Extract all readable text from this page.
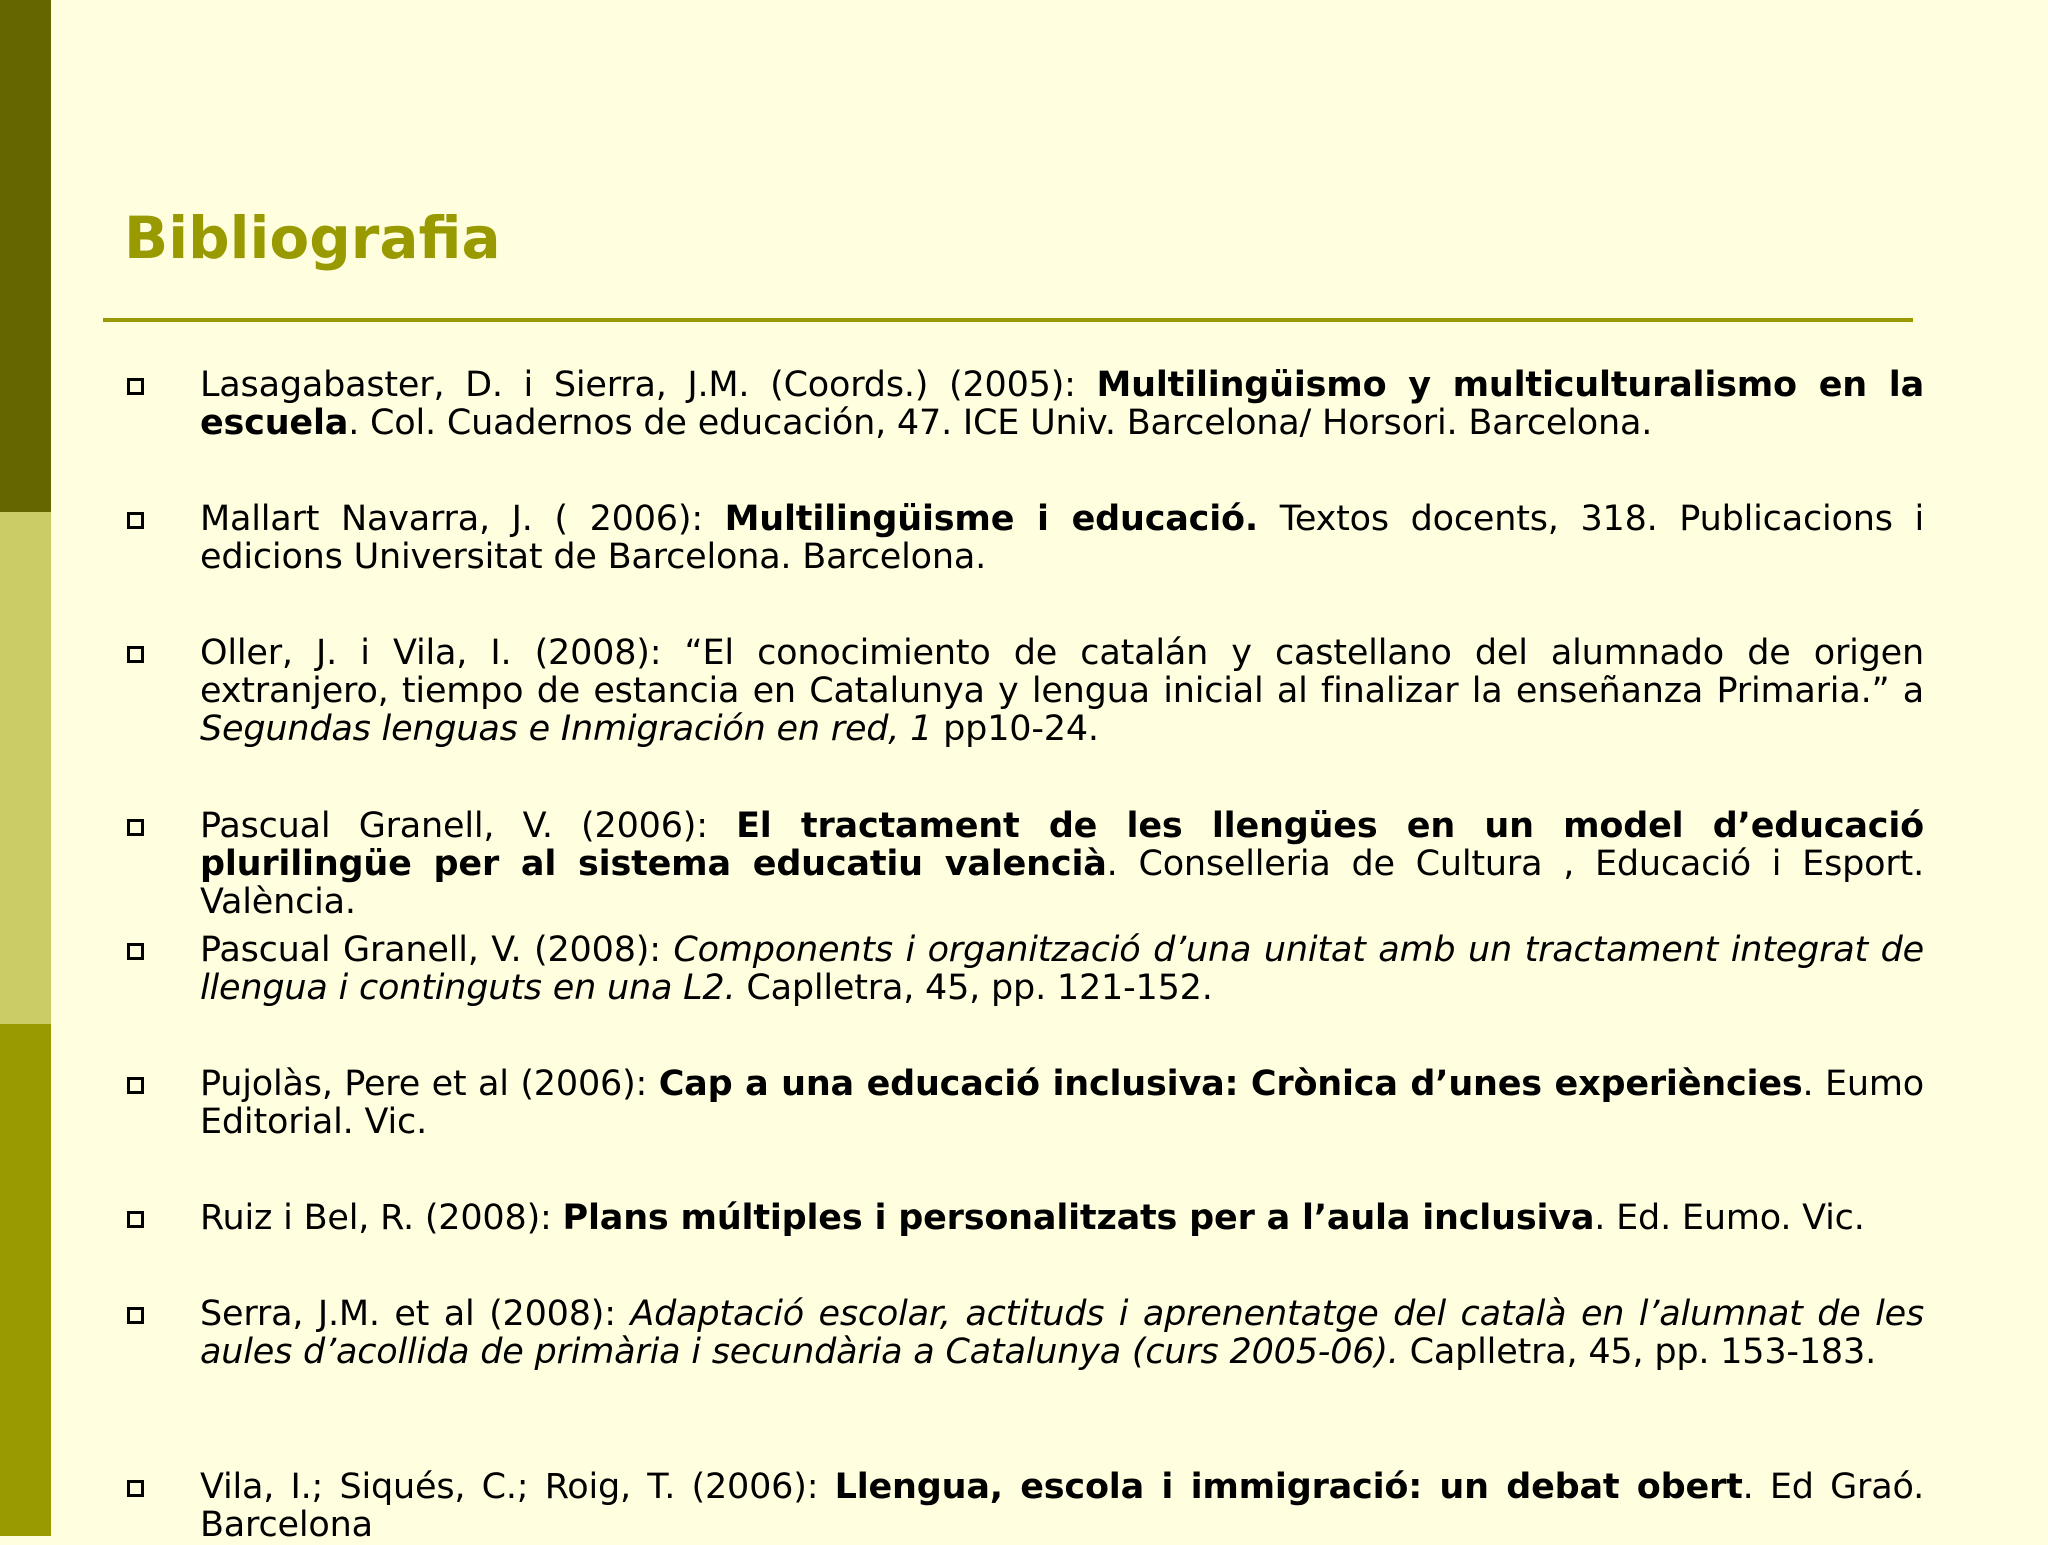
Bibliografia
Lasagabaster, D. i Sierra, J.M. (Coords.) (2005): Multilingüismo y multiculturalismo en la escuela. Col. Cuadernos de educación, 47. ICE Univ. Barcelona/ Horsori. Barcelona.
Mallart Navarra, J. ( 2006): Multilingüisme i educació. Textos docents, 318. Publicacions i edicions Universitat de Barcelona. Barcelona.
Oller, J. i Vila, I. (2008): “El conocimiento de catalán y castellano del alumnado de origen extranjero, tiempo de estancia en Catalunya y lengua inicial al finalizar la enseñanza Primaria.” a Segundas lenguas e Inmigración en red, 1 pp10-24.
Pascual Granell, V. (2006): El tractament de les llengües en un model d’educació plurilingüe per al sistema educatiu valencià. Conselleria de Cultura , Educació i Esport. València.
Pascual Granell, V. (2008): Components i organització d’una unitat amb un tractament integrat de llengua i continguts en una L2. Caplletra, 45, pp. 121-152.
Pujolàs, Pere et al (2006): Cap a una educació inclusiva: Crònica d’unes experiències. Eumo Editorial. Vic.
Ruiz i Bel, R. (2008): Plans múltiples i personalitzats per a l’aula inclusiva. Ed. Eumo. Vic.
Serra, J.M. et al (2008): Adaptació escolar, actituds i aprenentatge del català en l’alumnat de les aules d’acollida de primària i secundària a Catalunya (curs 2005-06). Caplletra, 45, pp. 153-183.
Vila, I.; Siqués, C.; Roig, T. (2006): Llengua, escola i immigració: un debat obert. Ed Graó. Barcelona
